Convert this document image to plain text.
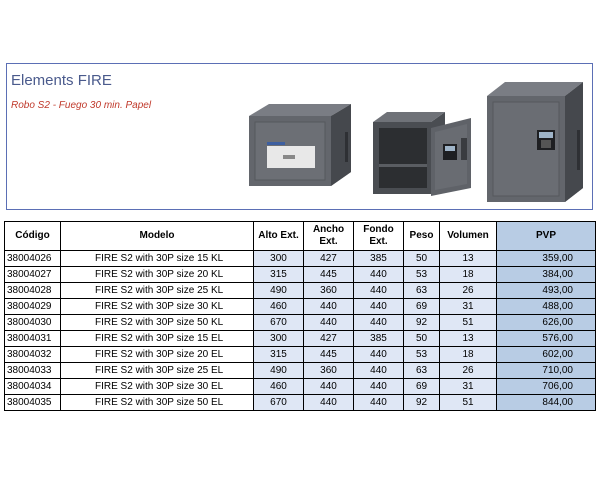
Elements FIRE
Robo S2 - Fuego 30 min. Papel
Código	Modelo	Alto Ext.	Ancho Ext.	Fondo Ext.	Peso	Volumen	PVP
38004026	FIRE S2 with 30P size 15 KL	300	427	385	50	13	359,00
38004027	FIRE S2 with 30P size 20 KL	315	445	440	53	18	384,00
38004028	FIRE S2 with 30P size 25 KL	490	360	440	63	26	493,00
38004029	FIRE S2 with 30P size 30 KL	460	440	440	69	31	488,00
38004030	FIRE S2 with 30P size 50 KL	670	440	440	92	51	626,00
38004031	FIRE S2 with 30P size 15 EL	300	427	385	50	13	576,00
38004032	FIRE S2 with 30P size 20 EL	315	445	440	53	18	602,00
38004033	FIRE S2 with 30P size 25 EL	490	360	440	63	26	710,00
38004034	FIRE S2 with 30P size 30 EL	460	440	440	69	31	706,00
38004035	FIRE S2 with 30P size 50 EL	670	440	440	92	51	844,00
